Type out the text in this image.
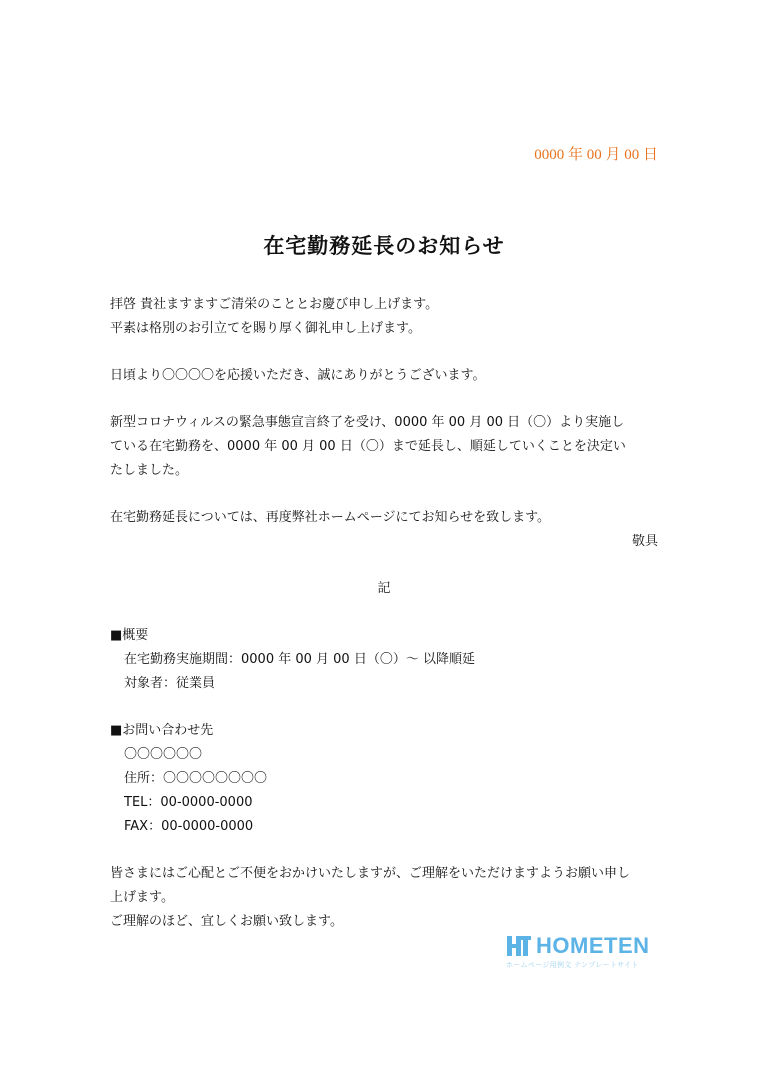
0000 年 00 月 00 日
在宅勤務延長のお知らせ

拝啓 貴社ますますご清栄のこととお慶び申し上げます。

平素は格別のお引立てを賜り厚く御礼申し上げます。

日頃より〇〇〇〇を応援いただき、誠にありがとうございます。

新型コロナウィルスの緊急事態宣言終了を受け、0000 年 00 月 00 日（〇）より実施し

ている在宅勤務を、0000 年 00 月 00 日（〇）まで延長し、順延していくことを決定い

たしました。

在宅勤務延長については、再度弊社ホームページにてお知らせを致します。

敬具

記

■概要

在宅勤務実施期間：0000 年 00 月 00 日（〇）〜 以降順延

対象者：従業員

■お問い合わせ先

〇〇〇〇〇〇

住所：〇〇〇〇〇〇〇〇

TEL：00-0000-0000

FAX：00-0000-0000

皆さまにはご心配とご不便をおかけいたしますが、ご理解をいただけますようお願い申し

上げます。

ご理解のほど、宜しくお願い致します。

HOMETEN
ホームページ用例文 テンプレートサイト
